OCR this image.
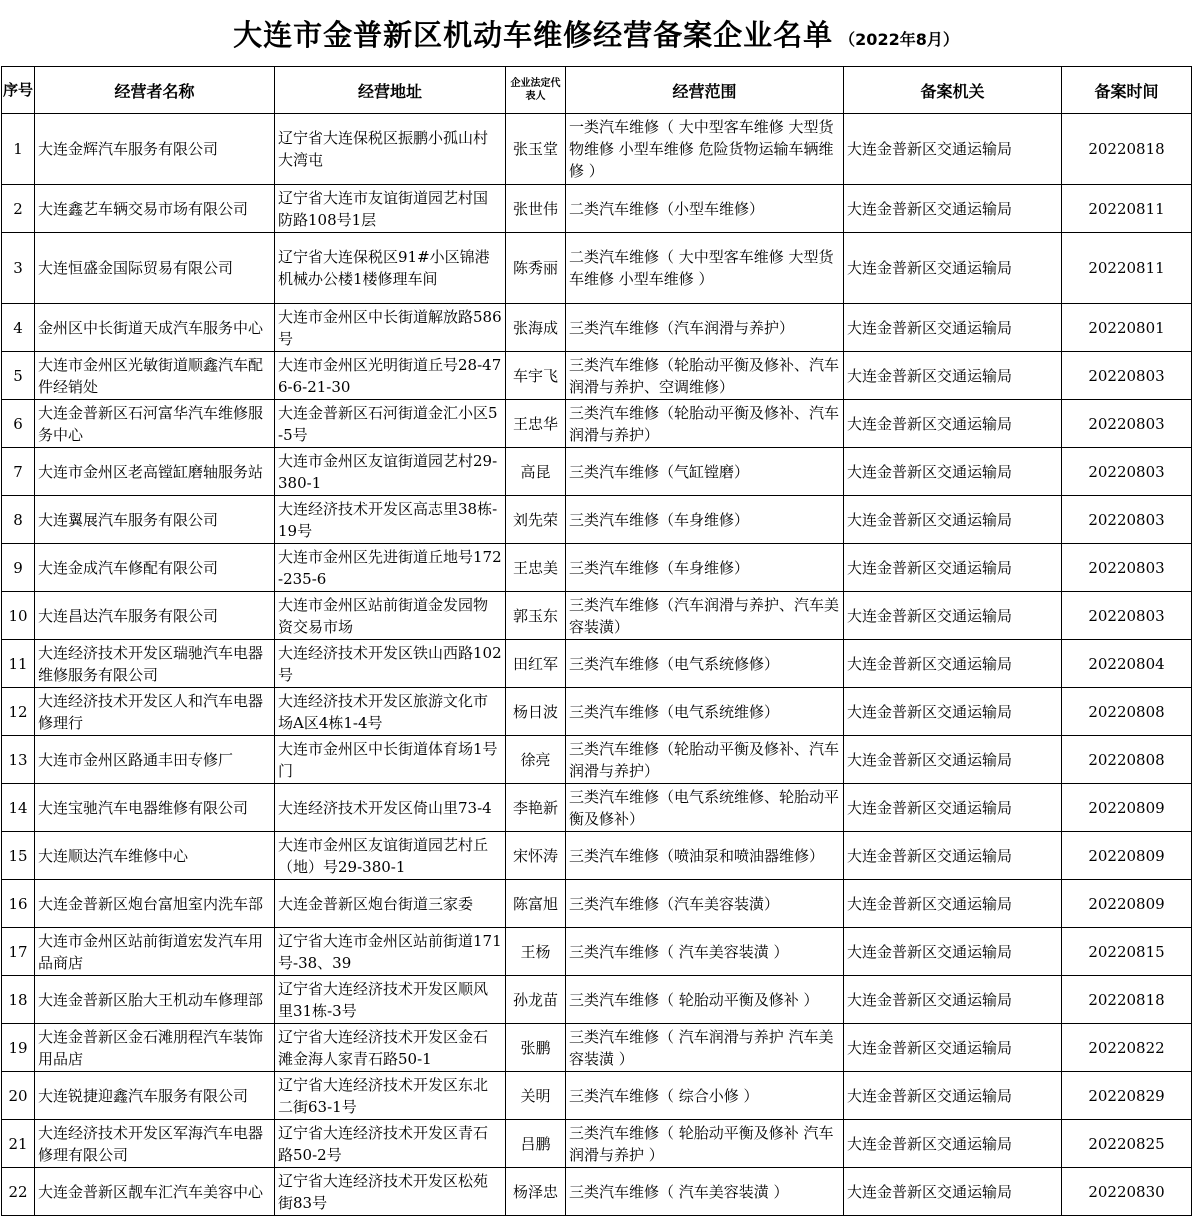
大连市金普新区机动车维修经营备案企业名单 （2022年8月）
序号	经营者名称	经营地址	企业法定代表人	经营范围	备案机关	备案时间
1	大连金辉汽车服务有限公司	辽宁省大连保税区振鹏小孤山村大湾屯	张玉堂	一类汽车维修（ 大中型客车维修 大型货物维修 小型车维修 危险货物运输车辆维修 ）	大连金普新区交通运输局	20220818
2	大连鑫艺车辆交易市场有限公司	辽宁省大连市友谊街道园艺村国防路108号1层	张世伟	二类汽车维修（小型车维修）	大连金普新区交通运输局	20220811
3	大连恒盛金国际贸易有限公司	辽宁省大连保税区91#小区锦港机械办公楼1楼修理车间	陈秀丽	二类汽车维修（ 大中型客车维修 大型货车维修 小型车维修 ）	大连金普新区交通运输局	20220811
4	金州区中长街道天成汽车服务中心	大连市金州区中长街道解放路586号	张海成	三类汽车维修（汽车润滑与养护）	大连金普新区交通运输局	20220801
5	大连市金州区光敏街道顺鑫汽车配件经销处	大连市金州区光明街道丘号28-476-6-21-30	车宇飞	三类汽车维修（轮胎动平衡及修补、汽车润滑与养护、空调维修）	大连金普新区交通运输局	20220803
6	大连金普新区石河富华汽车维修服务中心	大连金普新区石河街道金汇小区5-5号	王忠华	三类汽车维修（轮胎动平衡及修补、汽车润滑与养护）	大连金普新区交通运输局	20220803
7	大连市金州区老高镗缸磨轴服务站	大连市金州区友谊街道园艺村29-380-1	高昆	三类汽车维修（气缸镗磨）	大连金普新区交通运输局	20220803
8	大连翼展汽车服务有限公司	大连经济技术开发区高志里38栋-19号	刘先荣	三类汽车维修（车身维修）	大连金普新区交通运输局	20220803
9	大连金成汽车修配有限公司	大连市金州区先进街道丘地号172-235-6	王忠美	三类汽车维修（车身维修）	大连金普新区交通运输局	20220803
10	大连昌达汽车服务有限公司	大连市金州区站前街道金发园物资交易市场	郭玉东	三类汽车维修（汽车润滑与养护、汽车美容装潢）	大连金普新区交通运输局	20220803
11	大连经济技术开发区瑞驰汽车电器维修服务有限公司	大连经济技术开发区铁山西路102号	田红军	三类汽车维修（电气系统修修）	大连金普新区交通运输局	20220804
12	大连经济技术开发区人和汽车电器修理行	大连经济技术开发区旅游文化市场A区4栋1-4号	杨日波	三类汽车维修（电气系统维修）	大连金普新区交通运输局	20220808
13	大连市金州区路通丰田专修厂	大连市金州区中长街道体育场1号门	徐亮	三类汽车维修（轮胎动平衡及修补、汽车润滑与养护）	大连金普新区交通运输局	20220808
14	大连宝驰汽车电器维修有限公司	大连经济技术开发区倚山里73-4	李艳新	三类汽车维修（电气系统维修、轮胎动平衡及修补）	大连金普新区交通运输局	20220809
15	大连顺达汽车维修中心	大连市金州区友谊街道园艺村丘（地）号29-380-1	宋怀涛	三类汽车维修（喷油泵和喷油器维修）	大连金普新区交通运输局	20220809
16	大连金普新区炮台富旭室内洗车部	大连金普新区炮台街道三家委	陈富旭	三类汽车维修（汽车美容装潢）	大连金普新区交通运输局	20220809
17	大连市金州区站前街道宏发汽车用品商店	辽宁省大连市金州区站前街道171号-38、39	王杨	三类汽车维修（ 汽车美容装潢 ）	大连金普新区交通运输局	20220815
18	大连金普新区胎大王机动车修理部	辽宁省大连经济技术开发区顺风里31栋-3号	孙龙苗	三类汽车维修（ 轮胎动平衡及修补 ）	大连金普新区交通运输局	20220818
19	大连金普新区金石滩朋程汽车装饰用品店	辽宁省大连经济技术开发区金石滩金海人家青石路50-1	张鹏	三类汽车维修（ 汽车润滑与养护 汽车美容装潢 ）	大连金普新区交通运输局	20220822
20	大连锐捷迎鑫汽车服务有限公司	辽宁省大连经济技术开发区东北二街63-1号	关明	三类汽车维修（ 综合小修 ）	大连金普新区交通运输局	20220829
21	大连经济技术开发区军海汽车电器修理有限公司	辽宁省大连经济技术开发区青石路50-2号	吕鹏	三类汽车维修（ 轮胎动平衡及修补 汽车润滑与养护 ）	大连金普新区交通运输局	20220825
22	大连金普新区靓车汇汽车美容中心	辽宁省大连经济技术开发区松苑街83号	杨泽忠	三类汽车维修（ 汽车美容装潢 ）	大连金普新区交通运输局	20220830
